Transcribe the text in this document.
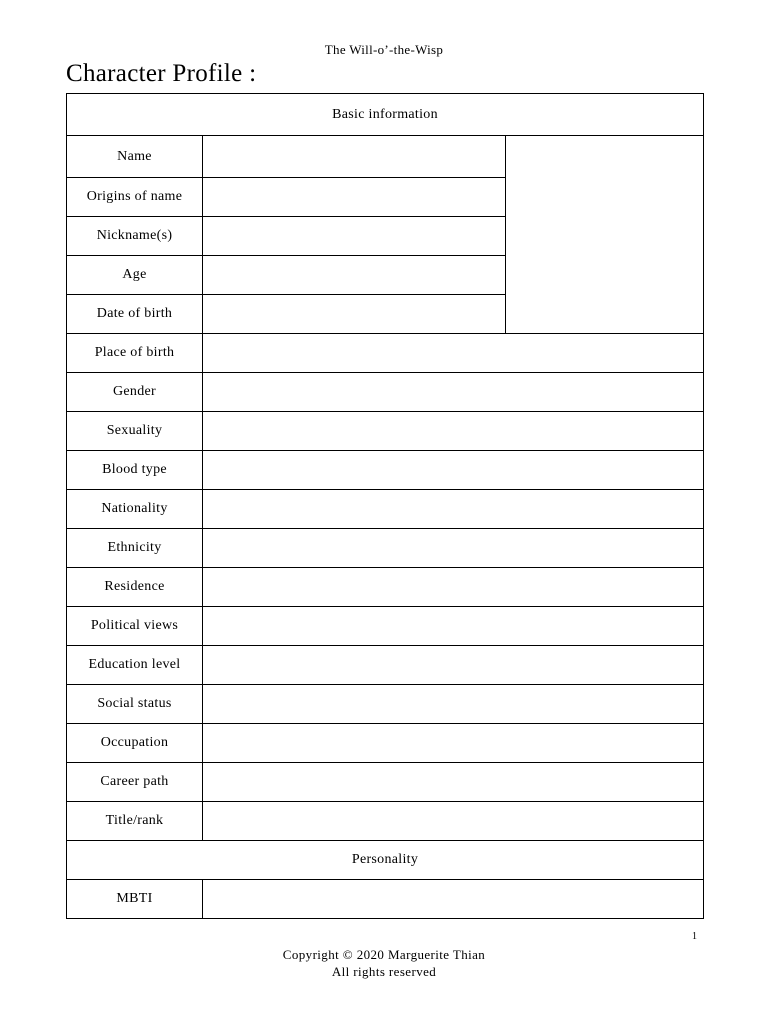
The Will-o’-the-Wisp
Character Profile :
Basic information		
Name		
Origins of name		
Nickname(s)		
Age		
Date of birth		
Place of birth		
Gender		
Sexuality		
Blood type		
Nationality		
Ethnicity		
Residence		
Political views		
Education level		
Social status		
Occupation		
Career path		
Title/rank		
Personality		
MBTI		
1
Copyright © 2020 Marguerite Thian
All rights reserved
